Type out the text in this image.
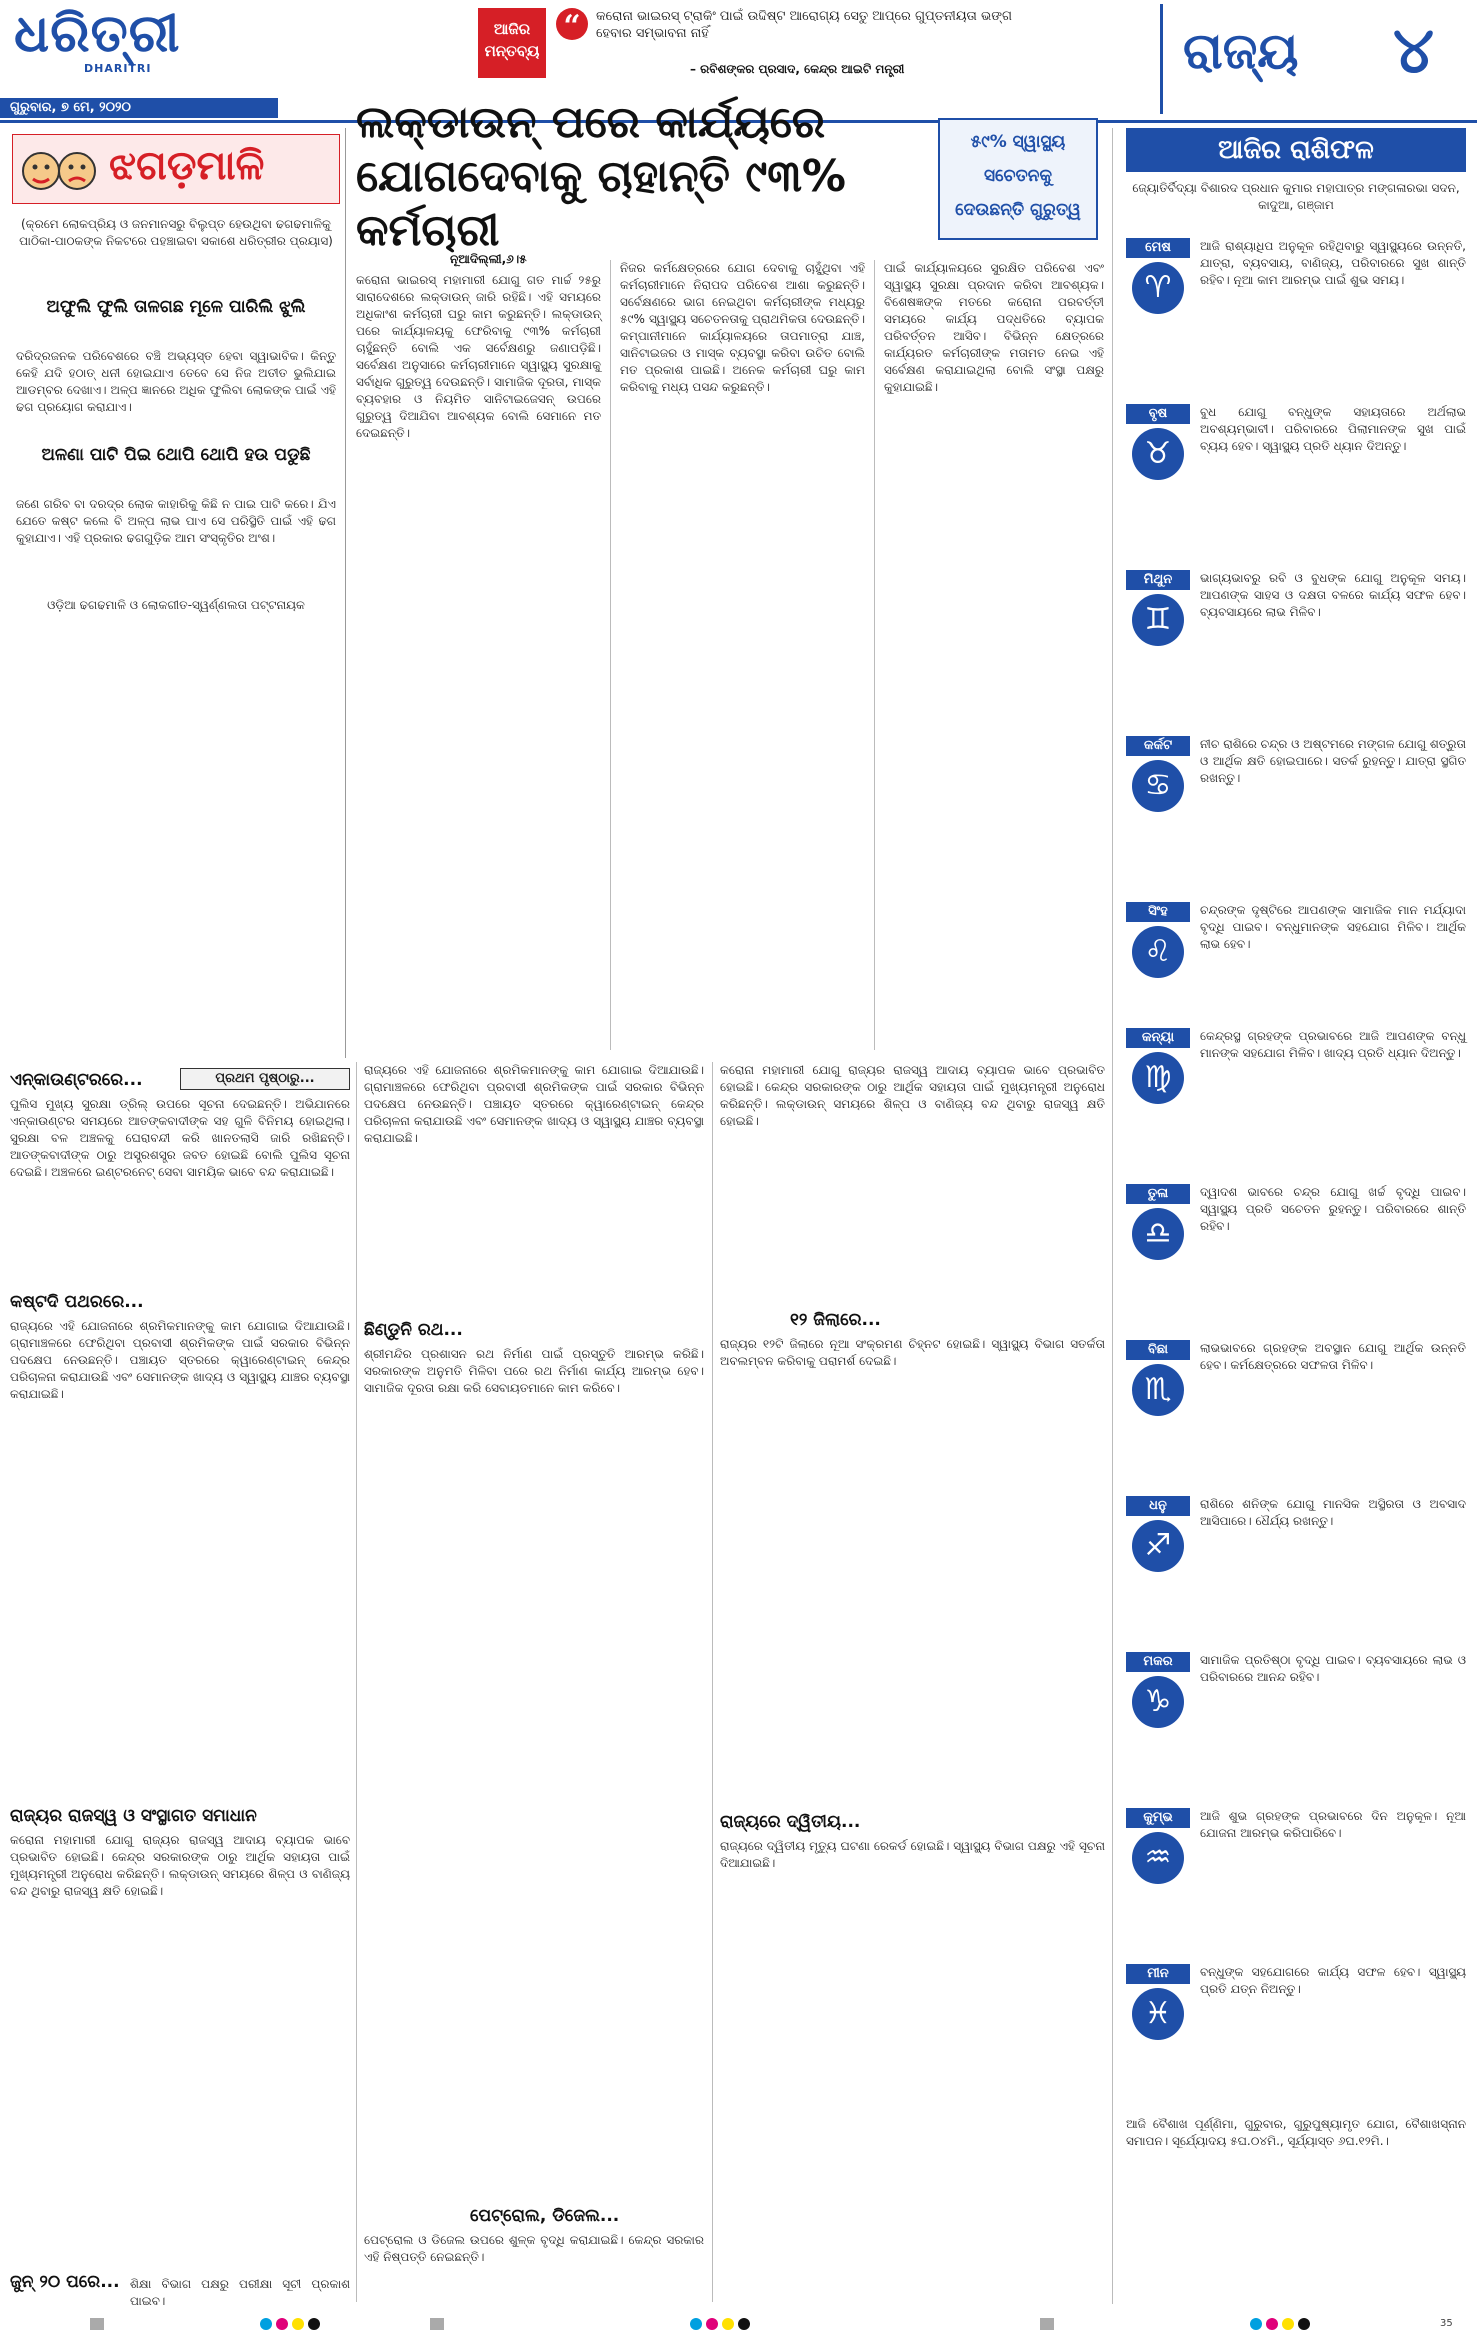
ଧରିତ୍ରୀ
DHARITRI
ଗୁରୁବାର, ୭ ମେ, ୨୦୨୦
ଆଜିର ମନ୍ତବ୍ୟ
“	କରୋନା ଭାଇରସ୍ ଟ୍ରାକିଂ ପାଇଁ ଉଦ୍ଦିଷ୍ଟ ଆରୋଗ୍ୟ ସେତୁ ଆପ୍‌ରେ ଗୁପ୍ତନୀୟତା ଭଙ୍ଗ ହେବାର ସମ୍ଭାବନା ନାହିଁ
– ରବିଶଙ୍କର ପ୍ରସାଦ, କେନ୍ଦ୍ର ଆଇଟି ମନ୍ତ୍ରୀ	ରାଜ୍ୟ ୪
ଝଗଡ଼ମାଳି
(କ୍ରମେ ଲୋକପ୍ରିୟ ଓ ଜନମାନସରୁ ବିଲୁପ୍ତ ହେଉଥିବା ଢଗଢମାଳିକୁ ପାଠିକା-ପାଠକଙ୍କ ନିକଟରେ ପହଞ୍ଚାଇବା ସକାଶେ ଧରିତ୍ରୀର ପ୍ରୟାସ)
ଅଫୁଲି ଫୁଲି ତାଳଗଛ ମୂଳେ ପାରିଲି ଝୁଲି
ଦରିଦ୍ରଜନକ ପରିବେଶରେ ବଞ୍ଚି ଅଭ୍ୟସ୍ତ ହେବା ସ୍ୱାଭାବିକ। କିନ୍ତୁ କେହି ଯଦି ହଠାତ୍ ଧନୀ ହୋଇଯାଏ ତେବେ ସେ ନିଜ ଅତୀତ ଭୁଲିଯାଇ ଆଡମ୍ବର ଦେଖାଏ। ଅଳ୍ପ ଜ୍ଞାନରେ ଅଧିକ ଫୁଲିବା ଲୋକଙ୍କ ପାଇଁ ଏହି ଢଗ ପ୍ରୟୋଗ କରାଯାଏ।
ଅଳଣା ପାଟି ପିଇ ଥୋପି ଥୋପି ହଉ ପଡୁଛି
ଜଣେ ଗରିବ ବା ଦରଦ୍ର ଲୋକ କାହାରିକୁ କିଛି ନ ପାଇ ପାଟି କରେ। ଯିଏ ଯେତେ କଷ୍ଟ କଲେ ବି ଅଳ୍ପ ଲାଭ ପାଏ ସେ ପରିସ୍ଥିତି ପାଇଁ ଏହି ଢଗ କୁହାଯାଏ। ଏହି ପ୍ରକାର ଢଗଗୁଡ଼ିକ ଆମ ସଂସ୍କୃତିର ଅଂଶ।
ଓଡ଼ିଆ ଢଗଢମାଳି ଓ ଲୋକଗୀତ-ସ୍ୱର୍ଣ୍ଣଲତା ପଟ୍ଟନାୟକ
ଲକ୍‌ଡାଉନ୍ ପରେ କାର୍ଯ୍ୟରେ ଯୋଗଦେବାକୁ ଚାହାନ୍ତି ୯୩% କର୍ମଚାରୀ
୫୯% ସ୍ୱାସ୍ଥ୍ୟ
ସଚେତନକୁ
ଦେଉଛନ୍ତି ଗୁରୁତ୍ୱ
ନୂଆଦିଲ୍ଲୀ,୬।୫
କରୋନା ଭାଇରସ୍ ମହାମାରୀ ଯୋଗୁ ଗତ ମାର୍ଚ୍ଚ ୨୫ରୁ ସାରାଦେଶରେ ଲକ୍‌ଡାଉନ୍ ଜାରି ରହିଛି। ଏହି ସମୟରେ ଅଧିକାଂଶ କର୍ମଚାରୀ ଘରୁ କାମ କରୁଛନ୍ତି। ଲକ୍‌ଡାଉନ୍ ପରେ କାର୍ଯ୍ୟାଳୟକୁ ଫେରିବାକୁ ୯୩% କର୍ମଚାରୀ ଚାହୁଁଛନ୍ତି ବୋଲି ଏକ ସର୍ବେକ୍ଷଣରୁ ଜଣାପଡ଼ିଛି। ସର୍ବେକ୍ଷଣ ଅନୁସାରେ କର୍ମଚାରୀମାନେ ସ୍ୱାସ୍ଥ୍ୟ ସୁରକ୍ଷାକୁ ସର୍ବାଧିକ ଗୁରୁତ୍ୱ ଦେଉଛନ୍ତି। ସାମାଜିକ ଦୂରତା, ମାସ୍କ ବ୍ୟବହାର ଓ ନିୟମିତ ସାନିଟାଇଜେସନ୍ ଉପରେ ଗୁରୁତ୍ୱ ଦିଆଯିବା ଆବଶ୍ୟକ ବୋଲି ସେମାନେ ମତ ଦେଇଛନ୍ତି।
ନିଜର କର୍ମକ୍ଷେତ୍ରରେ ଯୋଗ ଦେବାକୁ ଚାହୁଁଥିବା ଏହି କର୍ମଚାରୀମାନେ ନିରାପଦ ପରିବେଶ ଆଶା କରୁଛନ୍ତି। ସର୍ବେକ୍ଷଣରେ ଭାଗ ନେଇଥିବା କର୍ମଚାରୀଙ୍କ ମଧ୍ୟରୁ ୫୯% ସ୍ୱାସ୍ଥ୍ୟ ସଚେତନତାକୁ ପ୍ରାଥମିକତା ଦେଉଛନ୍ତି। କମ୍ପାନୀମାନେ କାର୍ଯ୍ୟାଳୟରେ ତାପମାତ୍ରା ଯାଞ୍ଚ, ସାନିଟାଇଜର ଓ ମାସ୍କ ବ୍ୟବସ୍ଥା କରିବା ଉଚିତ ବୋଲି ମତ ପ୍ରକାଶ ପାଇଛି। ଅନେକ କର୍ମଚାରୀ ଘରୁ କାମ କରିବାକୁ ମଧ୍ୟ ପସନ୍ଦ କରୁଛନ୍ତି।
ପାଇଁ କାର୍ଯ୍ୟାଳୟରେ ସୁରକ୍ଷିତ ପରିବେଶ ଏବଂ ସ୍ୱାସ୍ଥ୍ୟ ସୁରକ୍ଷା ପ୍ରଦାନ କରିବା ଆବଶ୍ୟକ। ବିଶେଷଜ୍ଞଙ୍କ ମତରେ କରୋନା ପରବର୍ତ୍ତୀ ସମୟରେ କାର୍ଯ୍ୟ ପଦ୍ଧତିରେ ବ୍ୟାପକ ପରିବର୍ତ୍ତନ ଆସିବ। ବିଭିନ୍ନ କ୍ଷେତ୍ରରେ କାର୍ଯ୍ୟରତ କର୍ମଚାରୀଙ୍କ ମତାମତ ନେଇ ଏହି ସର୍ବେକ୍ଷଣ କରାଯାଇଥିଲା ବୋଲି ସଂସ୍ଥା ପକ୍ଷରୁ କୁହାଯାଇଛି।
ପ୍ରଥମ ପୃଷ୍ଠାରୁ...
ଏନ୍‌କାଉଣ୍ଟରରେ...
ପୁଲିସ ମୁଖ୍ୟ ସୁରକ୍ଷା ଡ୍ରିଲ୍ ଉପରେ ସୂଚନା ଦେଇଛନ୍ତି। ଅଭିଯାନରେ ଏନ୍‌କାଉଣ୍ଟର ସମୟରେ ଆତଙ୍କବାଦୀଙ୍କ ସହ ଗୁଳି ବିନିମୟ ହୋଇଥିଲା। ସୁରକ୍ଷା ବଳ ଅଞ୍ଚଳକୁ ଘେରାବନ୍ଦୀ କରି ଖାନତଲାସି ଜାରି ରଖିଛନ୍ତି। ଆତଙ୍କବାଦୀଙ୍କ ଠାରୁ ଅସ୍ତ୍ରଶସ୍ତ୍ର ଜବତ ହୋଇଛି ବୋଲି ପୁଲିସ ସୂଚନା ଦେଇଛି। ଅଞ୍ଚଳରେ ଇଣ୍ଟରନେଟ୍ ସେବା ସାମୟିକ ଭାବେ ବନ୍ଦ କରାଯାଇଛି।
କଷ୍ଟଦି ପଥରରେ...
ରାଜ୍ୟରେ ଏହି ଯୋଜନାରେ ଶ୍ରମିକମାନଙ୍କୁ କାମ ଯୋଗାଇ ଦିଆଯାଉଛି। ଗ୍ରାମାଞ୍ଚଳରେ ଫେରିଥିବା ପ୍ରବାସୀ ଶ୍ରମିକଙ୍କ ପାଇଁ ସରକାର ବିଭିନ୍ନ ପଦକ୍ଷେପ ନେଉଛନ୍ତି। ପଞ୍ଚାୟତ ସ୍ତରରେ କ୍ୱାରେଣ୍ଟାଇନ୍ କେନ୍ଦ୍ର ପରିଚାଳନା କରାଯାଉଛି ଏବଂ ସେମାନଙ୍କ ଖାଦ୍ୟ ଓ ସ୍ୱାସ୍ଥ୍ୟ ଯାଞ୍ଚର ବ୍ୟବସ୍ଥା କରାଯାଇଛି।
ରାଜ୍ୟର ରାଜସ୍ୱ ଓ ସଂସ୍ଥାଗତ ସମାଧାନ
କରୋନା ମହାମାରୀ ଯୋଗୁ ରାଜ୍ୟର ରାଜସ୍ୱ ଆଦାୟ ବ୍ୟାପକ ଭାବେ ପ୍ରଭାବିତ ହୋଇଛି। କେନ୍ଦ୍ର ସରକାରଙ୍କ ଠାରୁ ଆର୍ଥିକ ସହାୟତା ପାଇଁ ମୁଖ୍ୟମନ୍ତ୍ରୀ ଅନୁରୋଧ କରିଛନ୍ତି। ଲକ୍‌ଡାଉନ୍ ସମୟରେ ଶିଳ୍ପ ଓ ବାଣିଜ୍ୟ ବନ୍ଦ ଥିବାରୁ ରାଜସ୍ୱ କ୍ଷତି ହୋଇଛି।
ଜୁନ୍ ୨୦ ପରେ... ଶିକ୍ଷା ବିଭାଗ ପକ୍ଷରୁ ପରୀକ୍ଷା ସୂଚୀ ପ୍ରକାଶ ପାଇବ।
ରାଜ୍ୟରେ ଏହି ଯୋଜନାରେ ଶ୍ରମିକମାନଙ୍କୁ କାମ ଯୋଗାଇ ଦିଆଯାଉଛି। ଗ୍ରାମାଞ୍ଚଳରେ ଫେରିଥିବା ପ୍ରବାସୀ ଶ୍ରମିକଙ୍କ ପାଇଁ ସରକାର ବିଭିନ୍ନ ପଦକ୍ଷେପ ନେଉଛନ୍ତି। ପଞ୍ଚାୟତ ସ୍ତରରେ କ୍ୱାରେଣ୍ଟାଇନ୍ କେନ୍ଦ୍ର ପରିଚାଳନା କରାଯାଉଛି ଏବଂ ସେମାନଙ୍କ ଖାଦ୍ୟ ଓ ସ୍ୱାସ୍ଥ୍ୟ ଯାଞ୍ଚର ବ୍ୟବସ୍ଥା କରାଯାଇଛି।
ଛିଣ୍ଡୁନି ରଥ...
ଶ୍ରୀମନ୍ଦିର ପ୍ରଶାସନ ରଥ ନିର୍ମାଣ ପାଇଁ ପ୍ରସ୍ତୁତି ଆରମ୍ଭ କରିଛି। ସରକାରଙ୍କ ଅନୁମତି ମିଳିବା ପରେ ରଥ ନିର୍ମାଣ କାର୍ଯ୍ୟ ଆରମ୍ଭ ହେବ। ସାମାଜିକ ଦୂରତା ରକ୍ଷା କରି ସେବାୟତମାନେ କାମ କରିବେ।
ପେଟ୍ରୋଲ, ଡିଜେଲ...
ପେଟ୍ରୋଲ ଓ ଡିଜେଲ ଉପରେ ଶୁଳ୍କ ବୃଦ୍ଧି କରାଯାଇଛି। କେନ୍ଦ୍ର ସରକାର ଏହି ନିଷ୍ପତ୍ତି ନେଇଛନ୍ତି।
କରୋନା ମହାମାରୀ ଯୋଗୁ ରାଜ୍ୟର ରାଜସ୍ୱ ଆଦାୟ ବ୍ୟାପକ ଭାବେ ପ୍ରଭାବିତ ହୋଇଛି। କେନ୍ଦ୍ର ସରକାରଙ୍କ ଠାରୁ ଆର୍ଥିକ ସହାୟତା ପାଇଁ ମୁଖ୍ୟମନ୍ତ୍ରୀ ଅନୁରୋଧ କରିଛନ୍ତି। ଲକ୍‌ଡାଉନ୍ ସମୟରେ ଶିଳ୍ପ ଓ ବାଣିଜ୍ୟ ବନ୍ଦ ଥିବାରୁ ରାଜସ୍ୱ କ୍ଷତି ହୋଇଛି।
୧୨ ଜିଲାରେ...
ରାଜ୍ୟର ୧୨ଟି ଜିଲାରେ ନୂଆ ସଂକ୍ରମଣ ଚିହ୍ନଟ ହୋଇଛି। ସ୍ୱାସ୍ଥ୍ୟ ବିଭାଗ ସତର୍କତା ଅବଲମ୍ବନ କରିବାକୁ ପରାମର୍ଶ ଦେଇଛି।
ରାଜ୍ୟରେ ଦ୍ୱିତୀୟ...
ରାଜ୍ୟରେ ଦ୍ୱିତୀୟ ମୃତ୍ୟୁ ଘଟଣା ରେକର୍ଡ ହୋଇଛି। ସ୍ୱାସ୍ଥ୍ୟ ବିଭାଗ ପକ୍ଷରୁ ଏହି ସୂଚନା ଦିଆଯାଇଛି।
ଆଜିର ରାଶିଫଳ
ଜ୍ୟୋତିର୍ବିଦ୍ୟା ବିଶାରଦ ପ୍ରଧାନ କୁମାର ମହାପାତ୍ର ମଙ୍ଗଳାରଭା ସଦନ, କାଦୁଆ, ଗଞ୍ଜାମ
ମେଷ
♈
ଆଜି ରାଶ୍ୟାଧିପ ଅନୁକୂଳ ରହିଥିବାରୁ ସ୍ୱାସ୍ଥ୍ୟରେ ଉନ୍ନତି, ଯାତ୍ରା, ବ୍ୟବସାୟ, ବାଣିଜ୍ୟ, ପରିବାରରେ ସୁଖ ଶାନ୍ତି ରହିବ। ନୂଆ କାମ ଆରମ୍ଭ ପାଇଁ ଶୁଭ ସମୟ।
ବୃଷ
♉
ବୁଧ ଯୋଗୁ ବନ୍ଧୁଙ୍କ ସହାୟତାରେ ଅର୍ଥଲାଭ ଅବଶ୍ୟମ୍ଭାବୀ। ପରିବାରରେ ପିଲାମାନଙ୍କ ସୁଖ ପାଇଁ ବ୍ୟୟ ହେବ। ସ୍ୱାସ୍ଥ୍ୟ ପ୍ରତି ଧ୍ୟାନ ଦିଅନ୍ତୁ।
ମିଥୁନ
♊
ଭାଗ୍ୟଭାବରୁ ରବି ଓ ବୁଧଙ୍କ ଯୋଗୁ ଅନୁକୂଳ ସମୟ। ଆପଣଙ୍କ ସାହସ ଓ ଦକ୍ଷତା ବଳରେ କାର୍ଯ୍ୟ ସଫଳ ହେବ। ବ୍ୟବସାୟରେ ଲାଭ ମିଳିବ।
କର୍କଟ
♋
ନୀଚ ରାଶିରେ ଚନ୍ଦ୍ର ଓ ଅଷ୍ଟମରେ ମଙ୍ଗଳ ଯୋଗୁ ଶତ୍ରୁତା ଓ ଆର୍ଥିକ କ୍ଷତି ହୋଇପାରେ। ସତର୍କ ରୁହନ୍ତୁ। ଯାତ୍ରା ସ୍ଥଗିତ ରଖନ୍ତୁ।
ସିଂହ
♌
ଚନ୍ଦ୍ରଙ୍କ ଦୃଷ୍ଟିରେ ଆପଣଙ୍କ ସାମାଜିକ ମାନ ମର୍ଯ୍ୟାଦା ବୃଦ୍ଧି ପାଇବ। ବନ୍ଧୁମାନଙ୍କ ସହଯୋଗ ମିଳିବ। ଆର୍ଥିକ ଲାଭ ହେବ।
କନ୍ୟା
♍
କେନ୍ଦ୍ରସ୍ଥ ଗ୍ରହଙ୍କ ପ୍ରଭାବରେ ଆଜି ଆପଣଙ୍କ ବନ୍ଧୁ ମାନଙ୍କ ସହଯୋଗ ମିଳିବ। ଖାଦ୍ୟ ପ୍ରତି ଧ୍ୟାନ ଦିଅନ୍ତୁ।
ତୁଳା
♎
ଦ୍ୱାଦଶ ଭାବରେ ଚନ୍ଦ୍ର ଯୋଗୁ ଖର୍ଚ୍ଚ ବୃଦ୍ଧି ପାଇବ। ସ୍ୱାସ୍ଥ୍ୟ ପ୍ରତି ସଚେତନ ରୁହନ୍ତୁ। ପରିବାରରେ ଶାନ୍ତି ରହିବ।
ବିଛା
♏
ଲାଭଭାବରେ ଗ୍ରହଙ୍କ ଅବସ୍ଥାନ ଯୋଗୁ ଆର୍ଥିକ ଉନ୍ନତି ହେବ। କର୍ମକ୍ଷେତ୍ରରେ ସଫଳତା ମିଳିବ।
ଧନୁ
♐
ରାଶିରେ ଶନିଙ୍କ ଯୋଗୁ ମାନସିକ ଅସ୍ଥିରତା ଓ ଅବସାଦ ଆସିପାରେ। ଧୈର୍ଯ୍ୟ ରଖନ୍ତୁ।
ମକର
♑
ସାମାଜିକ ପ୍ରତିଷ୍ଠା ବୃଦ୍ଧି ପାଇବ। ବ୍ୟବସାୟରେ ଲାଭ ଓ ପରିବାରରେ ଆନନ୍ଦ ରହିବ।
କୁମ୍ଭ
♒
ଆଜି ଶୁଭ ଗ୍ରହଙ୍କ ପ୍ରଭାବରେ ଦିନ ଅନୁକୂଳ। ନୂଆ ଯୋଜନା ଆରମ୍ଭ କରିପାରିବେ।
ମୀନ
♓
ବନ୍ଧୁଙ୍କ ସହଯୋଗରେ କାର୍ଯ୍ୟ ସଫଳ ହେବ। ସ୍ୱାସ୍ଥ୍ୟ ପ୍ରତି ଯତ୍ନ ନିଅନ୍ତୁ।
ଆଜି ବୈଶାଖ ପୂର୍ଣ୍ଣିମା, ଗୁରୁବାର, ଗୁରୁପୁଷ୍ୟାମୃତ ଯୋଗ, ବୈଶାଖସ୍ନାନ ସମାପନ। ସୂର୍ଯ୍ୟୋଦୟ ୫ଘ.୦୪ମି., ସୂର୍ଯ୍ୟାସ୍ତ ୬ଘ.୧୨ମି.।
35
